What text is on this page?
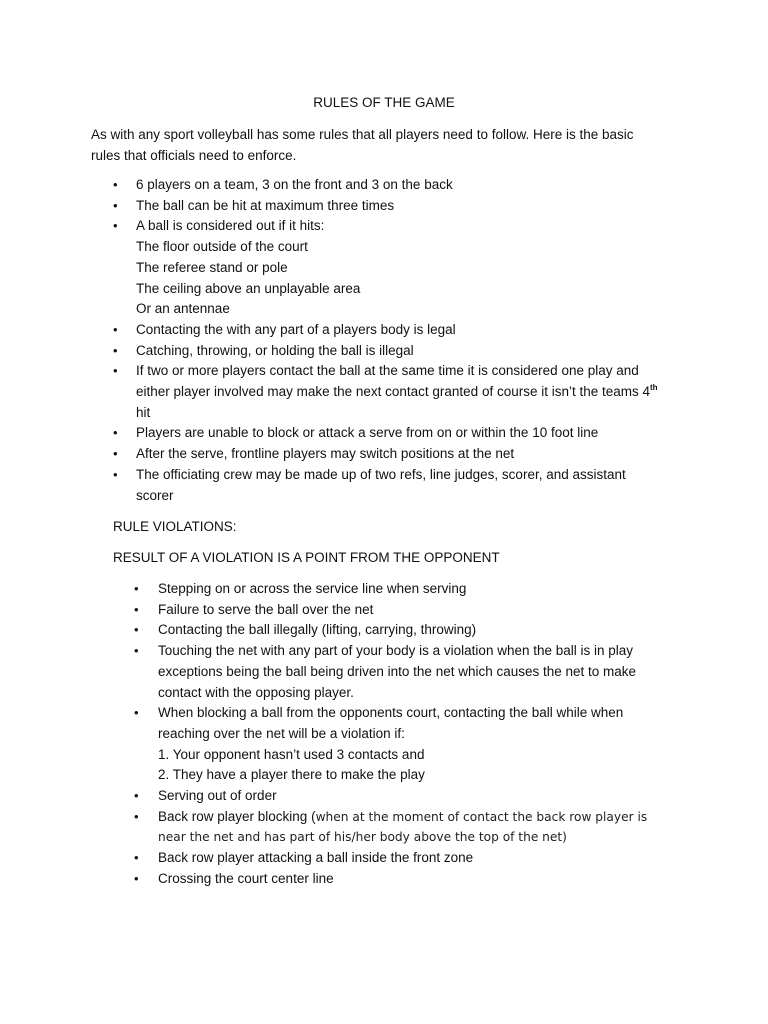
RULES OF THE GAME
As with any sport volleyball has some rules that all players need to follow. Here is the basic
rules that officials need to enforce.
• 6 players on a team, 3 on the front and 3 on the back
• The ball can be hit at maximum three times
• A ball is considered out if it hits:
The floor outside of the court
The referee stand or pole
The ceiling above an unplayable area
Or an antennae
• Contacting the with any part of a players body is legal
• Catching, throwing, or holding the ball is illegal
• If two or more players contact the ball at the same time it is considered one play and
either player involved may make the next contact granted of course it isn’t the teams 4th
hit
• Players are unable to block or attack a serve from on or within the 10 foot line
• After the serve, frontline players may switch positions at the net
• The officiating crew may be made up of two refs, line judges, scorer, and assistant
scorer
RULE VIOLATIONS:
RESULT OF A VIOLATION IS A POINT FROM THE OPPONENT
• Stepping on or across the service line when serving
• Failure to serve the ball over the net
• Contacting the ball illegally (lifting, carrying, throwing)
• Touching the net with any part of your body is a violation when the ball is in play
exceptions being the ball being driven into the net which causes the net to make
contact with the opposing player.
• When blocking a ball from the opponents court, contacting the ball while when
reaching over the net will be a violation if:
1. Your opponent hasn’t used 3 contacts and
2. They have a player there to make the play
• Serving out of order
• Back row player blocking (when at the moment of contact the back row player is
near the net and has part of his/her body above the top of the net)
• Back row player attacking a ball inside the front zone
• Crossing the court center line
